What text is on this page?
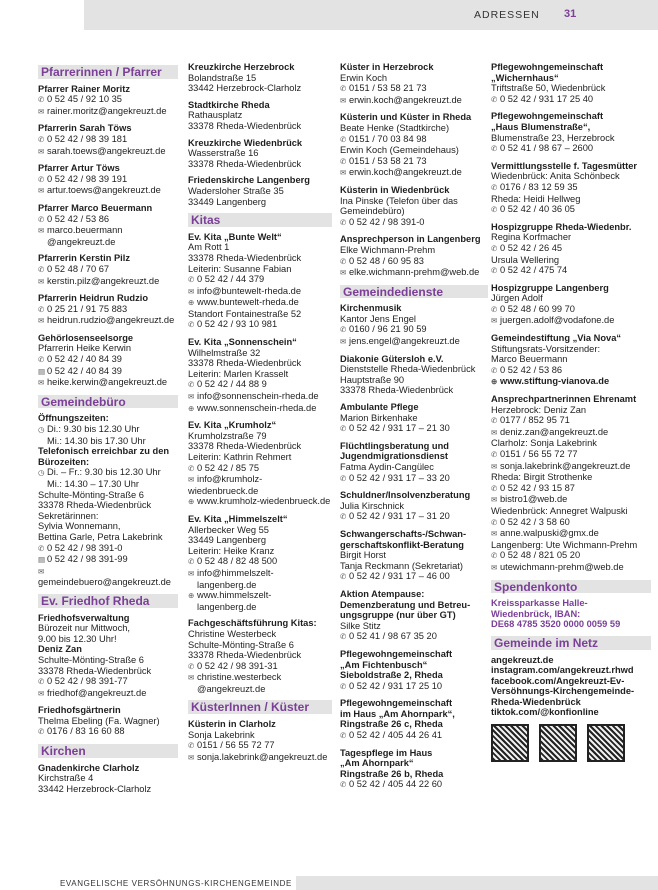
ADRESSEN 31
Pfarrerinnen / Pfarrer
Pfarrer Rainer Moritz
✆ 0 52 45 / 92 10 35
✉ rainer.moritz@angekreuzt.de
Pfarrerin Sarah Töws
✆ 0 52 42 / 98 39 181
✉ sarah.toews@angekreuzt.de
Pfarrer Artur Töws
✆ 0 52 42 / 98 39 191
✉ artur.toews@angekreuzt.de
Pfarrer Marco Beuermann
✆ 0 52 42 / 53 86
✉ marco.beuermann
@angekreuzt.de
Pfarrerin Kerstin Pilz
✆ 0 52 48 / 70 67
✉ kerstin.pilz@angekreuzt.de
Pfarrerin Heidrun Rudzio
✆ 0 25 21 / 91 75 883
✉ heidrun.rudzio@angekreuzt.de
Gehörlosenseelsorge
Pfarrerin Heike Kerwin
✆ 0 52 42 / 40 84 39
▤ 0 52 42 / 40 84 39
✉ heike.kerwin@angekreuzt.de
Gemeindebüro
Öffnungszeiten:
◷ Di.: 9.30 bis 12.30 Uhr
Mi.: 14.30 bis 17.30 Uhr
Telefonisch erreichbar zu den Bürozeiten:
◷ Di. – Fr.: 9.30 bis 12.30 Uhr
Mi.: 14.30 – 17.30 Uhr
Schulte-Mönting-Straße 6
33378 Rheda-Wiedenbrück
Sekretärinnen:
Sylvia Wonnemann,
Bettina Garle, Petra Lakebrink
✆ 0 52 42 / 98 391-0
▤ 0 52 42 / 98 391-99
✉gemeindebuero@angekreuzt.de
Ev. Friedhof Rheda
Friedhofsverwaltung
Bürozeit nur Mittwoch,
9.00 bis 12.30 Uhr!
Deniz Zan
Schulte-Mönting-Straße 6
33378 Rheda-Wiedenbrück
✆ 0 52 42 / 98 391-77
✉ friedhof@angekreuzt.de
Friedhofsgärtnerin
Thelma Ebeling (Fa. Wagner)
✆ 0176 / 83 16 60 88
Kirchen
Gnadenkirche Clarholz
Kirchstraße 4
33442 Herzebrock-Clarholz
Kreuzkirche Herzebrock
Bolandstraße 15
33442 Herzebrock-Clarholz
Stadtkirche Rheda
Rathausplatz
33378 Rheda-Wiedenbrück
Kreuzkirche Wiedenbrück
Wasserstraße 16
33378 Rheda-Wiedenbrück
Friedenskirche Langenberg
Wadersloher Straße 35
33449 Langenberg
Kitas
Ev. Kita „Bunte Welt“
Am Rott 1
33378 Rheda-Wiedenbrück
Leiterin: Susanne Fabian
✆ 0 52 42 / 44 379
✉ info@buntewelt-rheda.de
⊕ www.buntewelt-rheda.de
Standort Fontainestraße 52
✆ 0 52 42 / 93 10 981
Ev. Kita „Sonnenschein“
Wilhelmstraße 32
33378 Rheda-Wiedenbrück
Leiterin: Marlen Krasselt
✆ 0 52 42 / 44 88 9
✉ info@sonnenschein-rheda.de
⊕ www.sonnenschein-rheda.de
Ev. Kita „Krumholz“
Krumholzstraße 79
33378 Rheda-Wiedenbrück
Leiterin: Kathrin Rehmert
✆ 0 52 42 / 85 75
✉ info@krumholz-wiedenbrueck.de
⊕ www.krumholz-wiedenbrueck.de
Ev. Kita „Himmelszelt“
Allerbecker Weg 55
33449 Langenberg
Leiterin: Heike Kranz
✆ 0 52 48 / 82 48 500
✉ info@himmelszelt-
langenberg.de
⊕ www.himmelszelt-
langenberg.de
Fachgeschäftsführung Kitas:
Christine Westerbeck
Schulte-Mönting-Straße 6
33378 Rheda-Wiedenbrück
✆ 0 52 42 / 98 391-31
✉ christine.westerbeck
@angekreuzt.de
KüsterInnen / Küster
Küsterin in Clarholz
Sonja Lakebrink
✆ 0151 / 56 55 72 77
✉ sonja.lakebrink@angekreuzt.de
Küster in Herzebrock
Erwin Koch
✆ 0151 / 53 58 21 73
✉ erwin.koch@angekreuzt.de
Küsterin und Küster in Rheda
Beate Henke (Stadtkirche)
✆ 0151 / 70 03 84 98
Erwin Koch (Gemeindehaus)
✆ 0151 / 53 58 21 73
✉ erwin.koch@angekreuzt.de
Küsterin in Wiedenbrück
Ina Pinske (Telefon über das
Gemeindebüro)
✆ 0 52 42 / 98 391-0
Ansprechperson in Langenberg
Elke Wichmann-Prehm
✆ 0 52 48 / 60 95 83
✉ elke.wichmann-prehm@web.de
Gemeindedienste
Kirchenmusik
Kantor Jens Engel
✆ 0160 / 96 21 90 59
✉ jens.engel@angekreuzt.de
Diakonie Gütersloh e.V.
Dienststelle Rheda-Wiedenbrück
Hauptstraße 90
33378 Rheda-Wiedenbrück
Ambulante Pflege
Marion Birkenhake
✆ 0 52 42 / 931 17 – 21 30
Flüchtlingsberatung und
Jugendmigrationsdienst
Fatma Aydin-Cangülec
✆ 0 52 42 / 931 17 – 33 20
Schuldner/Insolvenzberatung
Julia Kirschnick
✆ 0 52 42 / 931 17 – 31 20
Schwangerschafts-/Schwan-
gerschaftskonflikt-Beratung
Birgit Horst
Tanja Reckmann (Sekretariat)
✆ 0 52 42 / 931 17 – 46 00
Aktion Atempause:
Demenzberatung und Betreu-
ungsgruppe (nur über GT)
Silke Stitz
✆ 0 52 41 / 98 67 35 20
Pflegewohngemeinschaft
„Am Fichtenbusch“
Sieboldstraße 2, Rheda
✆ 0 52 42 / 931 17 25 10
Pflegewohngemeinschaft
im Haus „Am Ahornpark“,
Ringstraße 26 c, Rheda
✆ 0 52 42 / 405 44 26 41
Tagespflege im Haus
„Am Ahornpark“
Ringstraße 26 b, Rheda
✆ 0 52 42 / 405 44 22 60
Pflegewohngemeinschaft
„Wichernhaus“
Triftstraße 50, Wiedenbrück
✆ 0 52 42 / 931 17 25 40
Pflegewohngemeinschaft
„Haus Blumenstraße“,
Blumenstraße 23, Herzebrock
✆ 0 52 41 / 98 67 – 2600
Vermittlungsstelle f. Tagesmütter
Wiedenbrück: Anita Schönbeck
✆ 0176 / 83 12 59 35
Rheda: Heidi Hellweg
✆ 0 52 42 / 40 36 05
Hospizgruppe Rheda-Wiedenbr.
Regina Korfmacher
✆ 0 52 42 / 26 45
Ursula Wellering
✆ 0 52 42 / 475 74
Hospizgruppe Langenberg
Jürgen Adolf
✆ 0 52 48 / 60 99 70
✉ juergen.adolf@vodafone.de
Gemeindestiftung „Via Nova“
Stiftungsrats-Vorsitzender:
Marco Beuermann
✆ 0 52 42 / 53 86
⊕ www.stiftung-vianova.de
Ansprechpartnerinnen Ehrenamt
Herzebrock: Deniz Zan
✆ 0177 / 852 95 71
✉ deniz.zan@angekreuzt.de
Clarholz: Sonja Lakebrink
✆ 0151 / 56 55 72 77
✉ sonja.lakebrink@angekreuzt.de
Rheda: Birgit Strothenke
✆ 0 52 42 / 93 15 87
✉ bistro1@web.de
Wiedenbrück: Annegret Walpuski
✆ 0 52 42 / 3 58 60
✉ anne.walpuski@gmx.de
Langenberg: Ute Wichmann-Prehm
✆ 0 52 48 / 821 05 20
✉ utewichmann-prehm@web.de
Spendenkonto
Kreissparkasse Halle-
Wiedenbrück, IBAN:
DE68 4785 3520 0000 0059 59
Gemeinde im Netz
angekreuzt.de
instagram.com/angekreuzt.rhwd
facebook.com/Angekreuzt-Ev-
Versöhnungs-Kirchengemeinde-
Rheda-Wiedenbrück
tiktok.com/@konfionline
EVANGELISCHE VERSÖHNUNGS-KIRCHENGEMEINDE
